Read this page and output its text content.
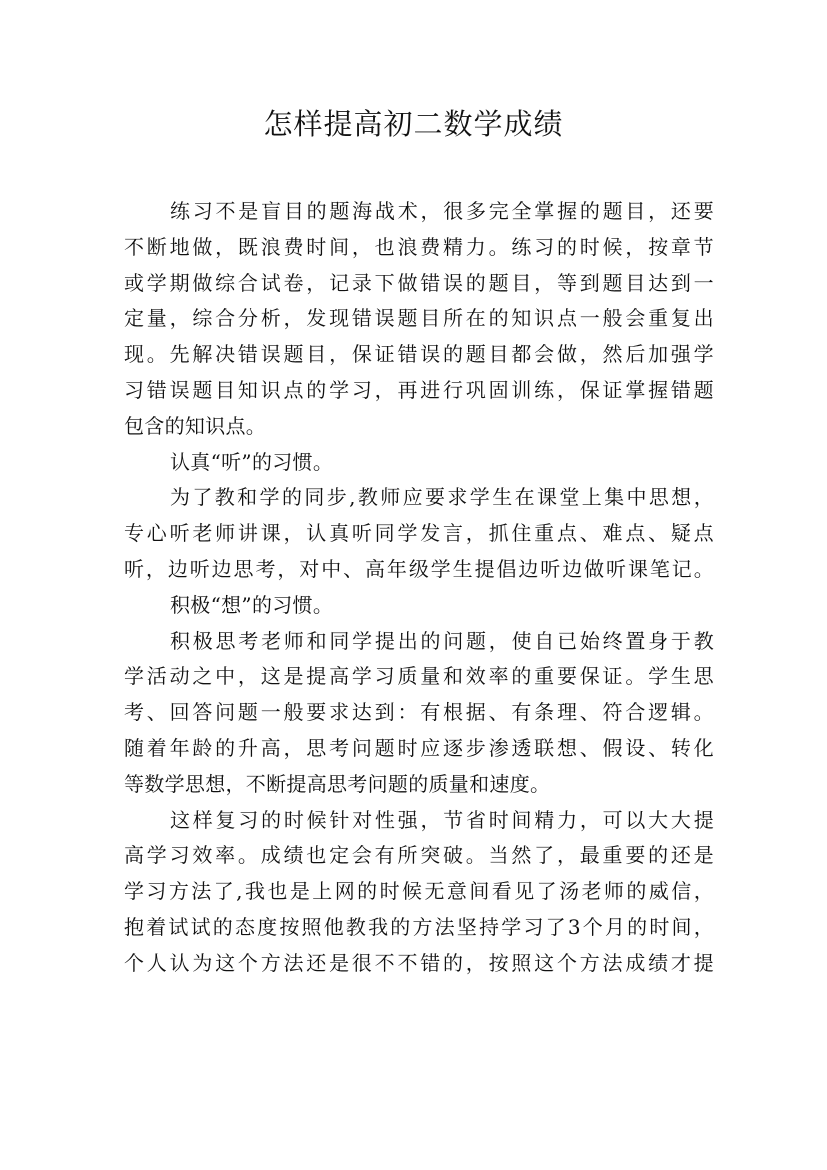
怎样提高初二数学成绩
练习不是盲目的题海战术，很多完全掌握的题目，还要
不断地做，既浪费时间，也浪费精力。练习的时候，按章节
或学期做综合试卷，记录下做错误的题目，等到题目达到一
定量，综合分析，发现错误题目所在的知识点一般会重复出
现。先解决错误题目，保证错误的题目都会做，然后加强学
习错误题目知识点的学习，再进行巩固训练，保证掌握错题
包含的知识点。
认真“听”的习惯。
为了教和学的同步,教师应要求学生在课堂上集中思想，
专心听老师讲课，认真听同学发言，抓住重点、难点、疑点
听，边听边思考，对中、高年级学生提倡边听边做听课笔记。
积极“想”的习惯。
积极思考老师和同学提出的问题，使自已始终置身于教
学活动之中，这是提高学习质量和效率的重要保证。学生思
考、回答问题一般要求达到：有根据、有条理、符合逻辑。
随着年龄的升高，思考问题时应逐步渗透联想、假设、转化
等数学思想，不断提高思考问题的质量和速度。
这样复习的时候针对性强，节省时间精力，可以大大提
高学习效率。成绩也定会有所突破。当然了，最重要的还是
学习方法了,我也是上网的时候无意间看见了汤老师的威信，
抱着试试的态度按照他教我的方法坚持学习了3个月的时间，
个人认为这个方法还是很不不错的，按照这个方法成绩才提
